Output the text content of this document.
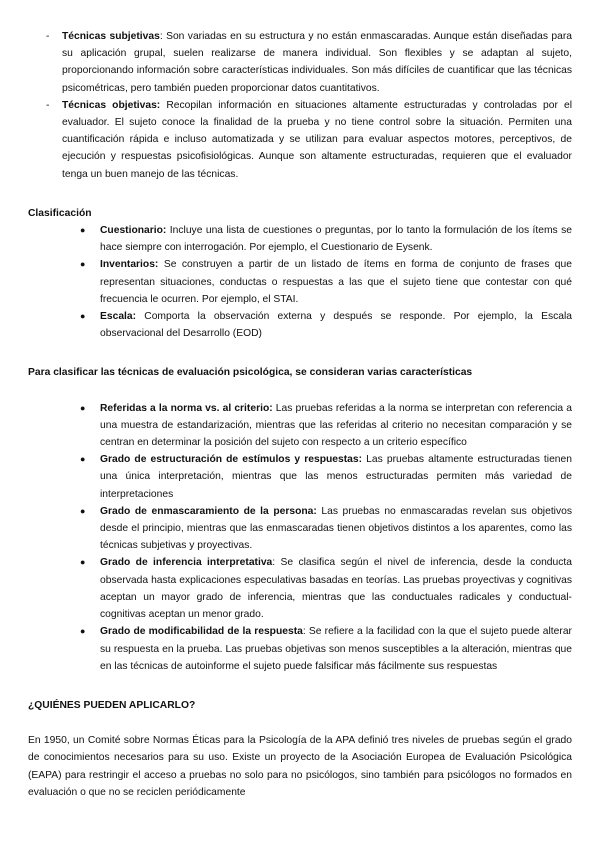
- Técnicas subjetivas: Son variadas en su estructura y no están enmascaradas. Aunque están diseñadas para su aplicación grupal, suelen realizarse de manera individual. Son flexibles y se adaptan al sujeto, proporcionando información sobre características individuales. Son más difíciles de cuantificar que las técnicas psicométricas, pero también pueden proporcionar datos cuantitativos.
- Técnicas objetivas: Recopilan información en situaciones altamente estructuradas y controladas por el evaluador. El sujeto conoce la finalidad de la prueba y no tiene control sobre la situación. Permiten una cuantificación rápida e incluso automatizada y se utilizan para evaluar aspectos motores, perceptivos, de ejecución y respuestas psicofisiológicas. Aunque son altamente estructuradas, requieren que el evaluador tenga un buen manejo de las técnicas.

Clasificación

● Cuestionario: Incluye una lista de cuestiones o preguntas, por lo tanto la formulación de los ítems se hace siempre con interrogación. Por ejemplo, el Cuestionario de Eysenk.
● Inventarios: Se construyen a partir de un listado de ítems en forma de conjunto de frases que representan situaciones, conductas o respuestas a las que el sujeto tiene que contestar con qué frecuencia le ocurren. Por ejemplo, el STAI.
● Escala: Comporta la observación externa y después se responde. Por ejemplo, la Escala observacional del Desarrollo (EOD)

Para clasificar las técnicas de evaluación psicológica, se consideran varias características

● Referidas a la norma vs. al criterio: Las pruebas referidas a la norma se interpretan con referencia a una muestra de estandarización, mientras que las referidas al criterio no necesitan comparación y se centran en determinar la posición del sujeto con respecto a un criterio específico
● Grado de estructuración de estímulos y respuestas: Las pruebas altamente estructuradas tienen una única interpretación, mientras que las menos estructuradas permiten más variedad de interpretaciones
● Grado de enmascaramiento de la persona: Las pruebas no enmascaradas revelan sus objetivos desde el principio, mientras que las enmascaradas tienen objetivos distintos a los aparentes, como las técnicas subjetivas y proyectivas.
● Grado de inferencia interpretativa: Se clasifica según el nivel de inferencia, desde la conducta observada hasta explicaciones especulativas basadas en teorías. Las pruebas proyectivas y cognitivas aceptan un mayor grado de inferencia, mientras que las conductuales radicales y conductual-cognitivas aceptan un menor grado.
● Grado de modificabilidad de la respuesta: Se refiere a la facilidad con la que el sujeto puede alterar su respuesta en la prueba. Las pruebas objetivas son menos susceptibles a la alteración, mientras que en las técnicas de autoinforme el sujeto puede falsificar más fácilmente sus respuestas

¿QUIÉNES PUEDEN APLICARLO?

En 1950, un Comité sobre Normas Éticas para la Psicología de la APA definió tres niveles de pruebas según el grado de conocimientos necesarios para su uso. Existe un proyecto de la Asociación Europea de Evaluación Psicológica (EAPA) para restringir el acceso a pruebas no solo para no psicólogos, sino también para psicólogos no formados en evaluación o que no se reciclen periódicamente
